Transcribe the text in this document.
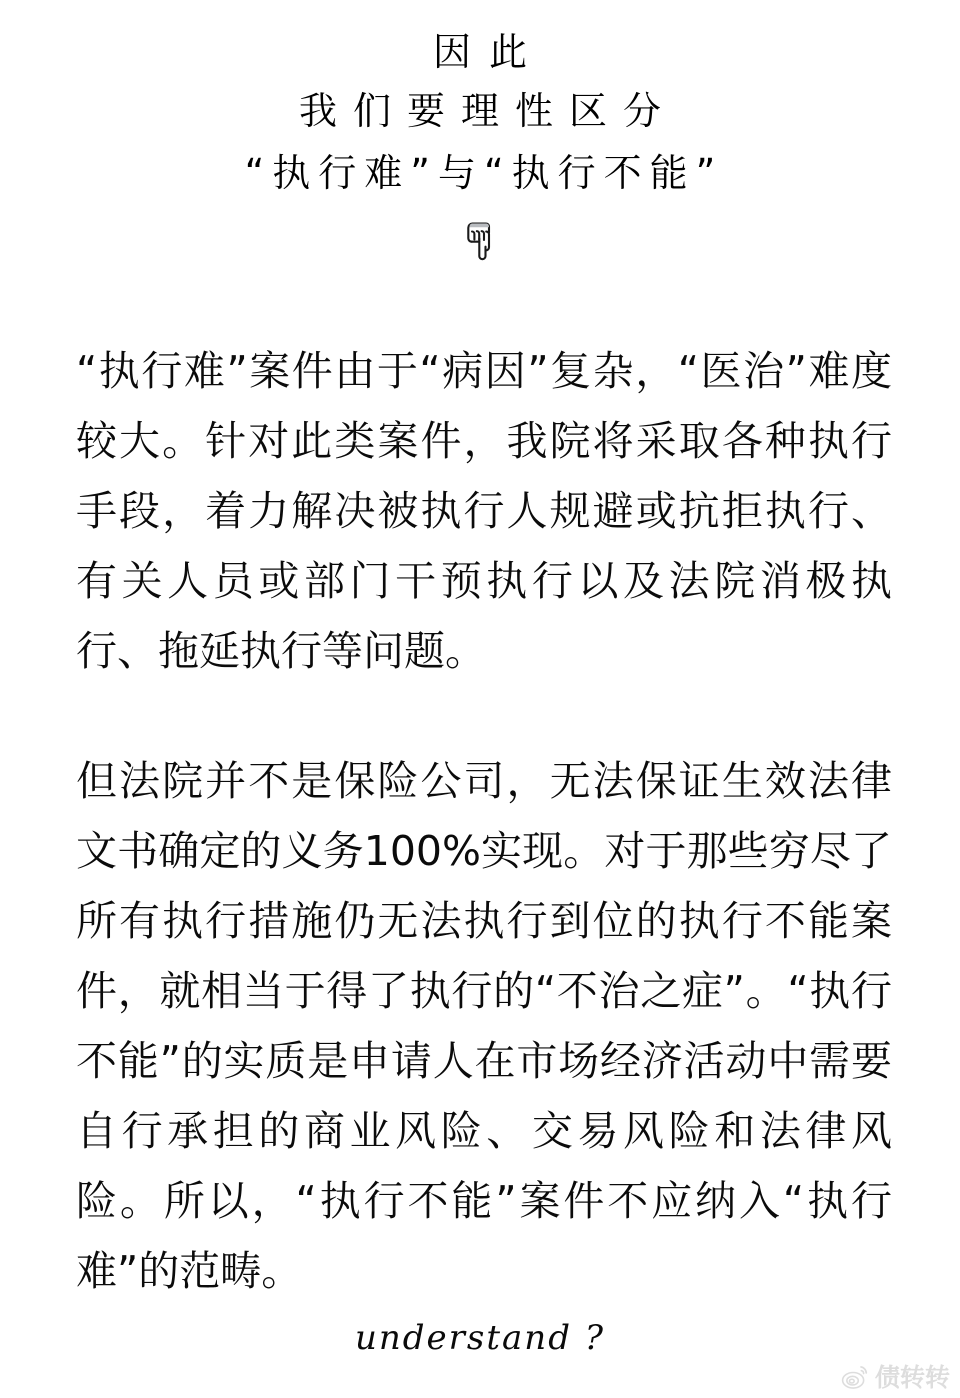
因此
我们要理性区分
“执行难”与“执行不能”

“执行难”案件由于“病因”复杂，“医治”难度较大。针对此类案件，我院将采取各种执行手段，着力解决被执行人规避或抗拒执行、有关人员或部门干预执行以及法院消极执行、拖延执行等问题。

但法院并不是保险公司，无法保证生效法律文书确定的义务100%实现。对于那些穷尽了所有执行措施仍无法执行到位的执行不能案件，就相当于得了执行的“不治之症”。“执行不能”的实质是申请人在市场经济活动中需要自行承担的商业风险、交易风险和法律风险。所以，“执行不能”案件不应纳入“执行难”的范畴。

understand ?
债转转
